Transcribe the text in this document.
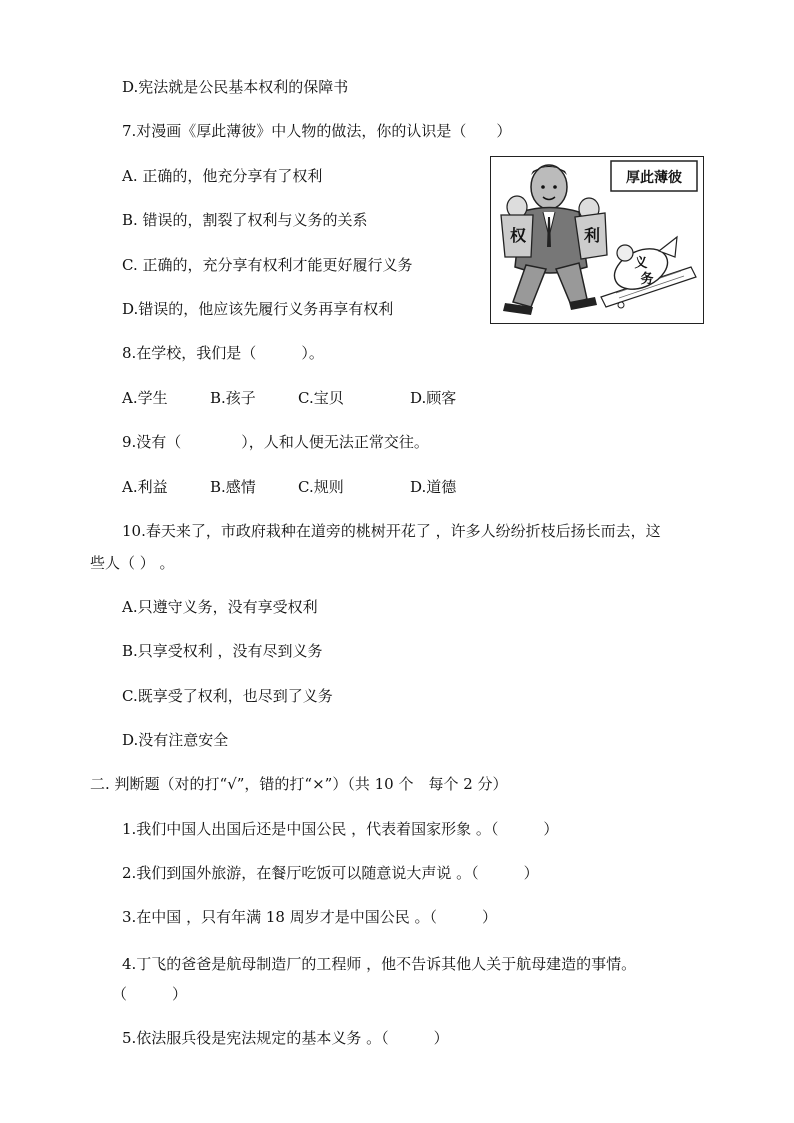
D.宪法就是公民基本权利的保障书
7.对漫画《厚此薄彼》中人物的做法，你的认识是（　　）
A. 正确的，他充分享有了权利
B. 错误的，割裂了权利与义务的关系
C. 正确的，充分享有权利才能更好履行义务
D.错误的，他应该先履行义务再享有权利
厚此薄彼
权	利
义
务
8.在学校，我们是（　　　）。
A.学生	B.孩子	C.宝贝	D.顾客
9.没有（　　　　），人和人便无法正常交往。
A.利益	B.感情	C.规则	D.道德
10.春天来了，市政府栽种在道旁的桃树开花了 ，许多人纷纷折枝后扬长而去，这
些人（ ） 。
A.只遵守义务，没有享受权利
B.只享受权利 ，没有尽到义务
C.既享受了权利，也尽到了义务
D.没有注意安全
二. 判断题（对的打“√”，错的打“×”）（共 10 个　每个 2 分）
1.我们中国人出国后还是中国公民 ，代表着国家形象 。（　　　）
2.我们到国外旅游，在餐厅吃饭可以随意说大声说 。（　　　）
3.在中国 ，只有年满 18 周岁才是中国公民 。（　　　）
4.丁飞的爸爸是航母制造厂的工程师 ，他不告诉其他人关于航母建造的事情。
（　　　）
5.依法服兵役是宪法规定的基本义务 。（　　　）
